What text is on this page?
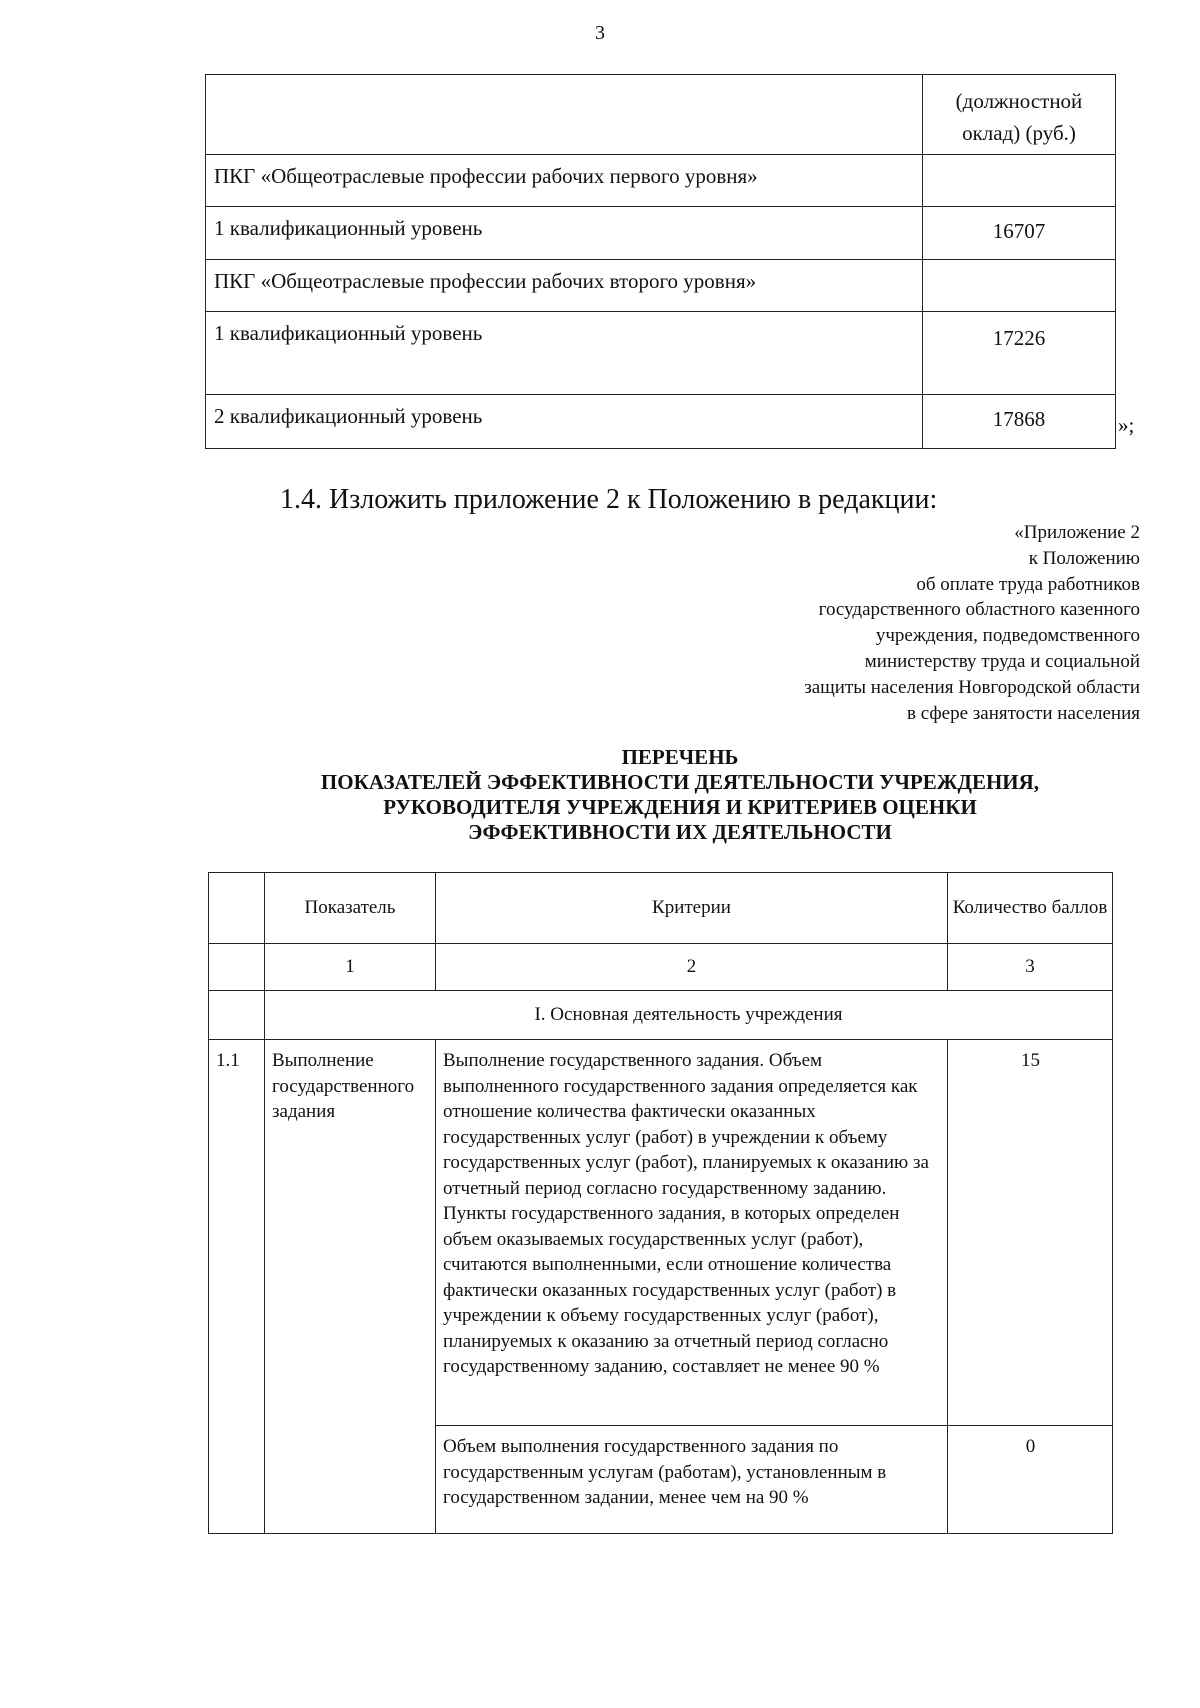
3
	(должностной оклад) (руб.)
ПКГ «Общеотраслевые профессии рабочих первого уровня»	
1 квалификационный уровень	16707
ПКГ «Общеотраслевые профессии рабочих второго уровня»	
1 квалификационный уровень	17226
2 квалификационный уровень	17868	»;
1.4. Изложить приложение 2 к Положению в редакции:
«Приложение 2
к Положению
об оплате труда работников
государственного областного казенного
учреждения, подведомственного
министерству труда и социальной
защиты населения Новгородской области
в сфере занятости населения
ПЕРЕЧЕНЬ
ПОКАЗАТЕЛЕЙ ЭФФЕКТИВНОСТИ ДЕЯТЕЛЬНОСТИ УЧРЕЖДЕНИЯ,
РУКОВОДИТЕЛЯ УЧРЕЖДЕНИЯ И КРИТЕРИЕВ ОЦЕНКИ
ЭФФЕКТИВНОСТИ ИХ ДЕЯТЕЛЬНОСТИ
	Показатель	Критерии	Количество баллов
	1	2	3
	I. Основная деятельность учреждения		
1.1	Выполнение государственного задания	Выполнение государственного задания. Объем выполненного государственного задания определяется как отношение количества фактически оказанных государственных услуг (работ) в учреждении к объему государственных услуг (работ), планируемых к оказанию за отчетный период согласно государственному заданию.
Пункты государственного задания, в которых определен объем оказываемых государственных услуг (работ), считаются выполненными, если отношение количества фактически оказанных государственных услуг (работ) в учреждении к объему государственных услуг (работ), планируемых к оказанию за отчетный период согласно государственному заданию, составляет не менее 90 %	15
		Объем выполнения государственного задания по государственным услугам (работам), установленным в государственном задании, менее чем на 90 %	0
